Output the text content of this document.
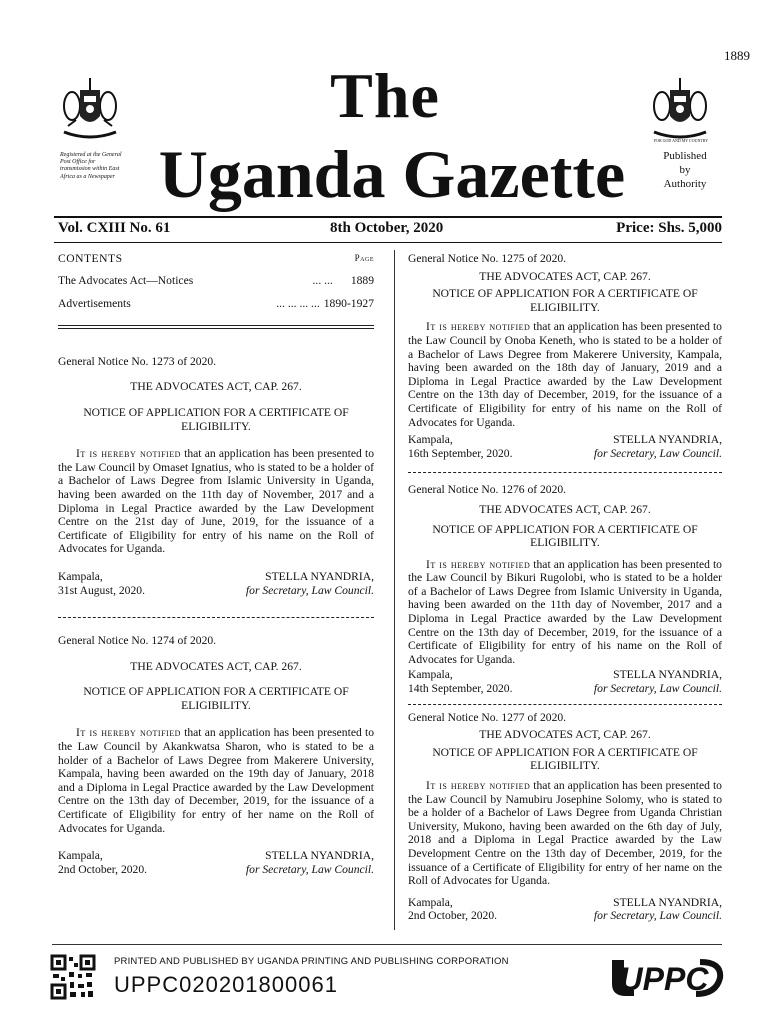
1889
FOR GOD AND MY COUNTRY
The
Uganda Gazette
Registered at the General Post Office for transmission within East Africa as a Newspaper
Published
by
Authority
Vol. CXIII No. 61	8th October, 2020	Price: Shs. 5,000
CONTENTS	Page
The Advocates Act—Notices	... ... 1889
Advertisements	... ... ... ... 1890-1927

General Notice No. 1273 of 2020.

THE ADVOCATES ACT, CAP. 267.

NOTICE OF APPLICATION FOR A CERTIFICATE OF ELIGIBILITY.

It is hereby notified that an application has been presented to the Law Council by Omaset Ignatius, who is stated to be a holder of a Bachelor of Laws Degree from Islamic University in Uganda, having been awarded on the 11th day of November, 2017 and a Diploma in Legal Practice awarded by the Law Development Centre on the 21st day of June, 2019, for the issuance of a Certificate of Eligibility for entry of his name on the Roll of Advocates for Uganda.

Kampala,
31st August, 2020.
STELLA NYANDRIA,
for Secretary, Law Council.

General Notice No. 1274 of 2020.

THE ADVOCATES ACT, CAP. 267.

NOTICE OF APPLICATION FOR A CERTIFICATE OF ELIGIBILITY.

It is hereby notified that an application has been presented to the Law Council by Akankwatsa Sharon, who is stated to be a holder of a Bachelor of Laws Degree from Makerere University, Kampala, having been awarded on the 19th day of January, 2018 and a Diploma in Legal Practice awarded by the Law Development Centre on the 13th day of December, 2019, for the issuance of a Certificate of Eligibility for entry of her name on the Roll of Advocates for Uganda.

Kampala,
2nd October, 2020.
STELLA NYANDRIA,
for Secretary, Law Council.

General Notice No. 1275 of 2020.

THE ADVOCATES ACT, CAP. 267.

NOTICE OF APPLICATION FOR A CERTIFICATE OF ELIGIBILITY.

It is hereby notified that an application has been presented to the Law Council by Onoba Keneth, who is stated to be a holder of a Bachelor of Laws Degree from Makerere University, Kampala, having been awarded on the 18th day of January, 2019 and a Diploma in Legal Practice awarded by the Law Development Centre on the 13th day of December, 2019, for the issuance of a Certificate of Eligibility for entry of his name on the Roll of Advocates for Uganda.

Kampala,
16th September, 2020.
STELLA NYANDRIA,
for Secretary, Law Council.

General Notice No. 1276 of 2020.

THE ADVOCATES ACT, CAP. 267.

NOTICE OF APPLICATION FOR A CERTIFICATE OF ELIGIBILITY.

It is hereby notified that an application has been presented to the Law Council by Bikuri Rugolobi, who is stated to be a holder of a Bachelor of Laws Degree from Islamic University in Uganda, having been awarded on the 11th day of November, 2017 and a Diploma in Legal Practice awarded by the Law Development Centre on the 13th day of December, 2019, for the issuance of a Certificate of Eligibility for entry of his name on the Roll of Advocates for Uganda.

Kampala,
14th September, 2020.
STELLA NYANDRIA,
for Secretary, Law Council.

General Notice No. 1277 of 2020.

THE ADVOCATES ACT, CAP. 267.

NOTICE OF APPLICATION FOR A CERTIFICATE OF ELIGIBILITY.

It is hereby notified that an application has been presented to the Law Council by Namubiru Josephine Solomy, who is stated to be a holder of a Bachelor of Laws Degree from Uganda Christian University, Mukono, having been awarded on the 6th day of July, 2018 and a Diploma in Legal Practice awarded by the Law Development Centre on the 13th day of December, 2019, for the issuance of a Certificate of Eligibility for entry of her name on the Roll of Advocates for Uganda.

Kampala,
2nd October, 2020.
STELLA NYANDRIA,
for Secretary, Law Council.
PRINTED AND PUBLISHED BY UGANDA PRINTING AND PUBLISHING CORPORATION
UPPC020201800061	UPPC
